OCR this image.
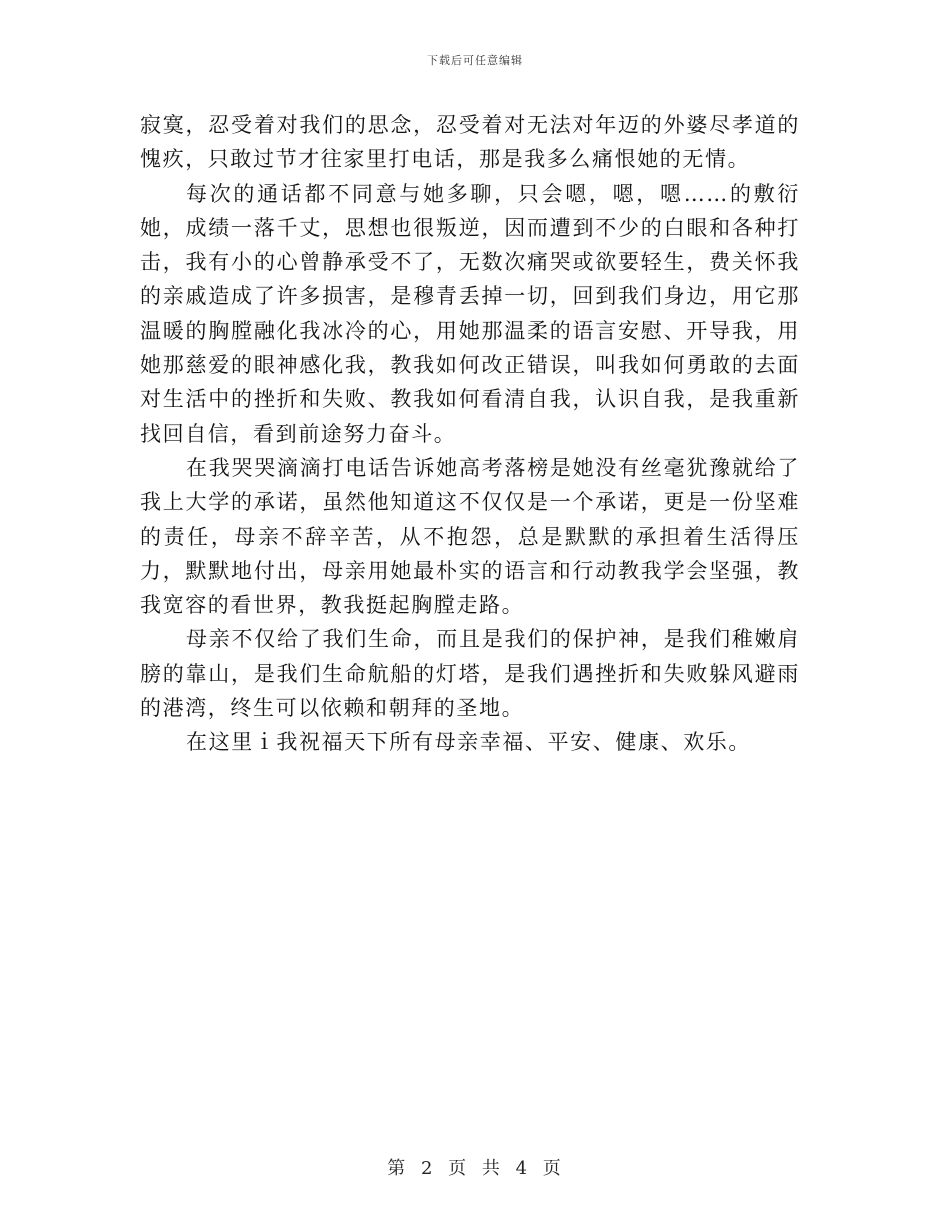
下载后可任意编辑

寂寞，忍受着对我们的思念，忍受着对无法对年迈的外婆尽孝道的愧疚，只敢过节才往家里打电话，那是我多么痛恨她的无情。

每次的通话都不同意与她多聊，只会嗯，嗯，嗯……的敷衍她，成绩一落千丈，思想也很叛逆，因而遭到不少的白眼和各种打击，我有小的心曾静承受不了，无数次痛哭或欲要轻生，费关怀我的亲戚造成了许多损害，是穆青丢掉一切，回到我们身边，用它那温暖的胸膛融化我冰冷的心，用她那温柔的语言安慰、开导我，用她那慈爱的眼神感化我，教我如何改正错误，叫我如何勇敢的去面对生活中的挫折和失败、教我如何看清自我，认识自我，是我重新找回自信，看到前途努力奋斗。

在我哭哭滴滴打电话告诉她高考落榜是她没有丝毫犹豫就给了我上大学的承诺，虽然他知道这不仅仅是一个承诺，更是一份坚难的责任，母亲不辞辛苦，从不抱怨，总是默默的承担着生活得压力，默默地付出，母亲用她最朴实的语言和行动教我学会坚强，教我宽容的看世界，教我挺起胸膛走路。

母亲不仅给了我们生命，而且是我们的保护神，是我们稚嫩肩膀的靠山，是我们生命航船的灯塔，是我们遇挫折和失败躲风避雨的港湾，终生可以依赖和朝拜的圣地。

在这里ｉ我祝福天下所有母亲幸福、平安、健康、欢乐。

第 2 页 共 4 页
